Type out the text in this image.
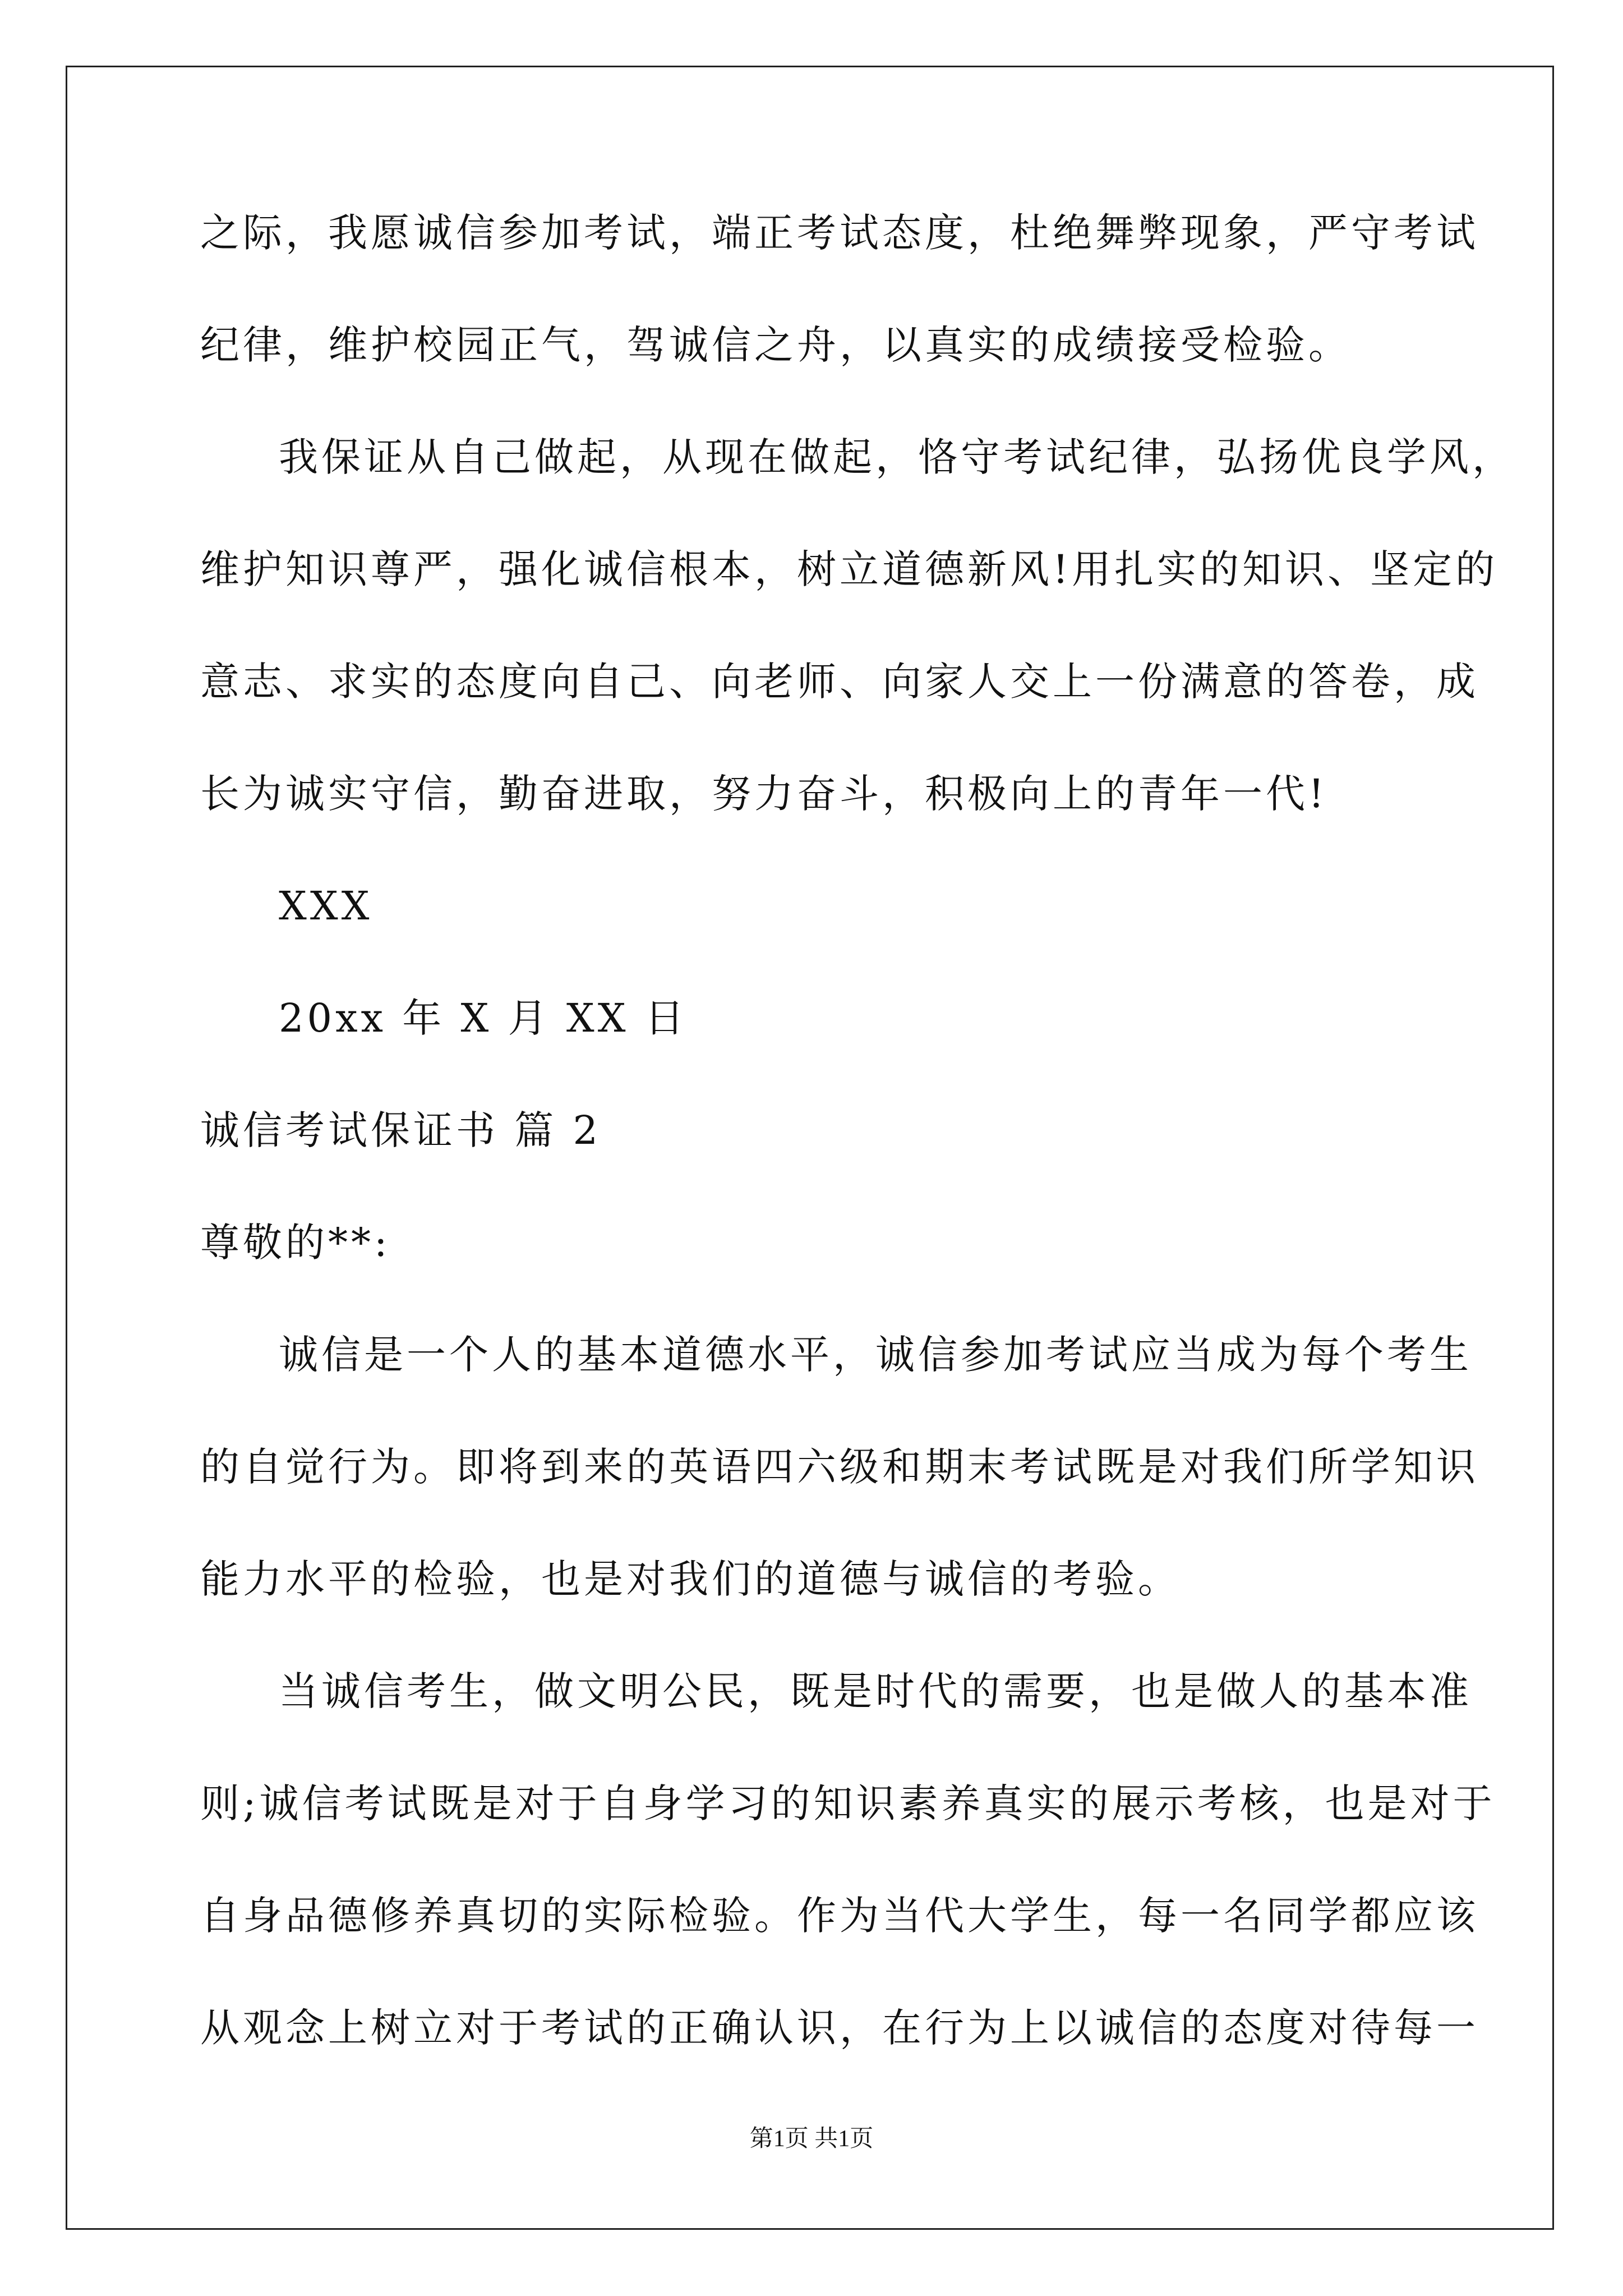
之际，我愿诚信参加考试，端正考试态度，杜绝舞弊现象，严守考试
纪律，维护校园正气，驾诚信之舟，以真实的成绩接受检验。
我保证从自己做起，从现在做起，恪守考试纪律，弘扬优良学风，
维护知识尊严，强化诚信根本，树立道德新风!用扎实的知识、坚定的
意志、求实的态度向自己、向老师、向家人交上一份满意的答卷，成
长为诚实守信，勤奋进取，努力奋斗，积极向上的青年一代!
XXX
20xx 年 X 月 XX 日
诚信考试保证书 篇 2
尊敬的**:
诚信是一个人的基本道德水平，诚信参加考试应当成为每个考生
的自觉行为。即将到来的英语四六级和期末考试既是对我们所学知识
能力水平的检验，也是对我们的道德与诚信的考验。
当诚信考生，做文明公民，既是时代的需要，也是做人的基本准
则;诚信考试既是对于自身学习的知识素养真实的展示考核，也是对于
自身品德修养真切的实际检验。作为当代大学生，每一名同学都应该
从观念上树立对于考试的正确认识，在行为上以诚信的态度对待每一
第1页 共1页
